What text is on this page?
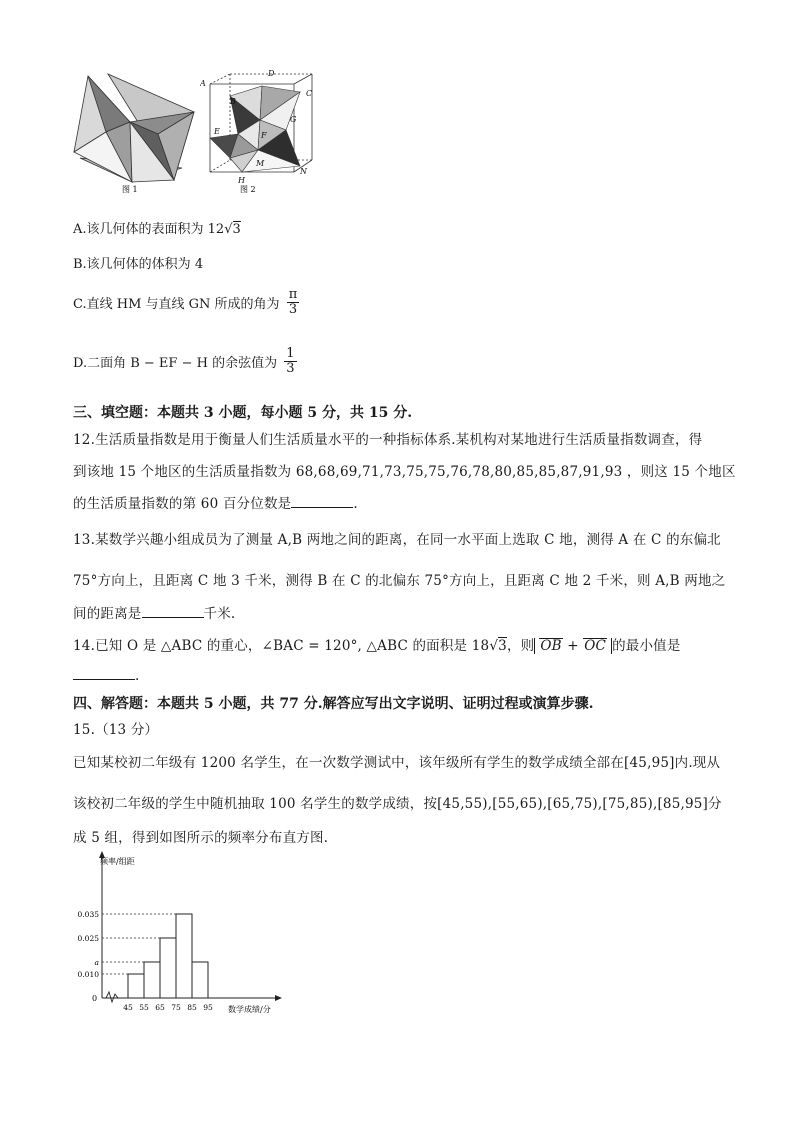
图 1
A
D
C
B
G
E	F
M
H
N
图 2
A.该几何体的表面积为 12√3
B.该几何体的体积为 4
C.直线 HM 与直线 GN 所成的角为 $\frac{\pi}{3}$
D.二面角 B − EF − H 的余弦值为 $\frac{1}{3}$
三、填空题：本题共 3 小题，每小题 5 分，共 15 分.
12.生活质量指数是用于衡量人们生活质量水平的一种指标体系.某机构对某地进行生活质量指数调查，得
到该地 15 个地区的生活质量指数为 68,68,69,71,73,75,75,76,78,80,85,85,87,91,93 ，则这 15 个地区
的生活质量指数的第 60 百分位数是	.
13.某数学兴趣小组成员为了测量 A,B 两地之间的距离，在同一水平面上选取 C 地，测得 A 在 C 的东偏北
75°方向上，且距离 C 地 3 千米，测得 B 在 C 的北偏东 75°方向上，且距离 C 地 2 千米，则 A,B 两地之
间的距离是	千米.
14.已知 O 是 △ABC 的重心，∠BAC = 120°, △ABC 的面积是 18√3，则 OB + OC 的最小值是
.
四、解答题：本题共 5 小题，共 77 分.解答应写出文字说明、证明过程或演算步骤.
15.（13 分）
已知某校初二年级有 1200 名学生，在一次数学测试中，该年级所有学生的数学成绩全部在[45,95]内.现从
该校初二年级的学生中随机抽取 100 名学生的数学成绩，按[45,55),[55,65),[65,75),[75,85),[85,95]分
成 5 组，得到如图所示的频率分布直方图.
频率/组距
数学成绩/分
0
0.010
a
0.025
0.035
45 55 65 75 85 95
